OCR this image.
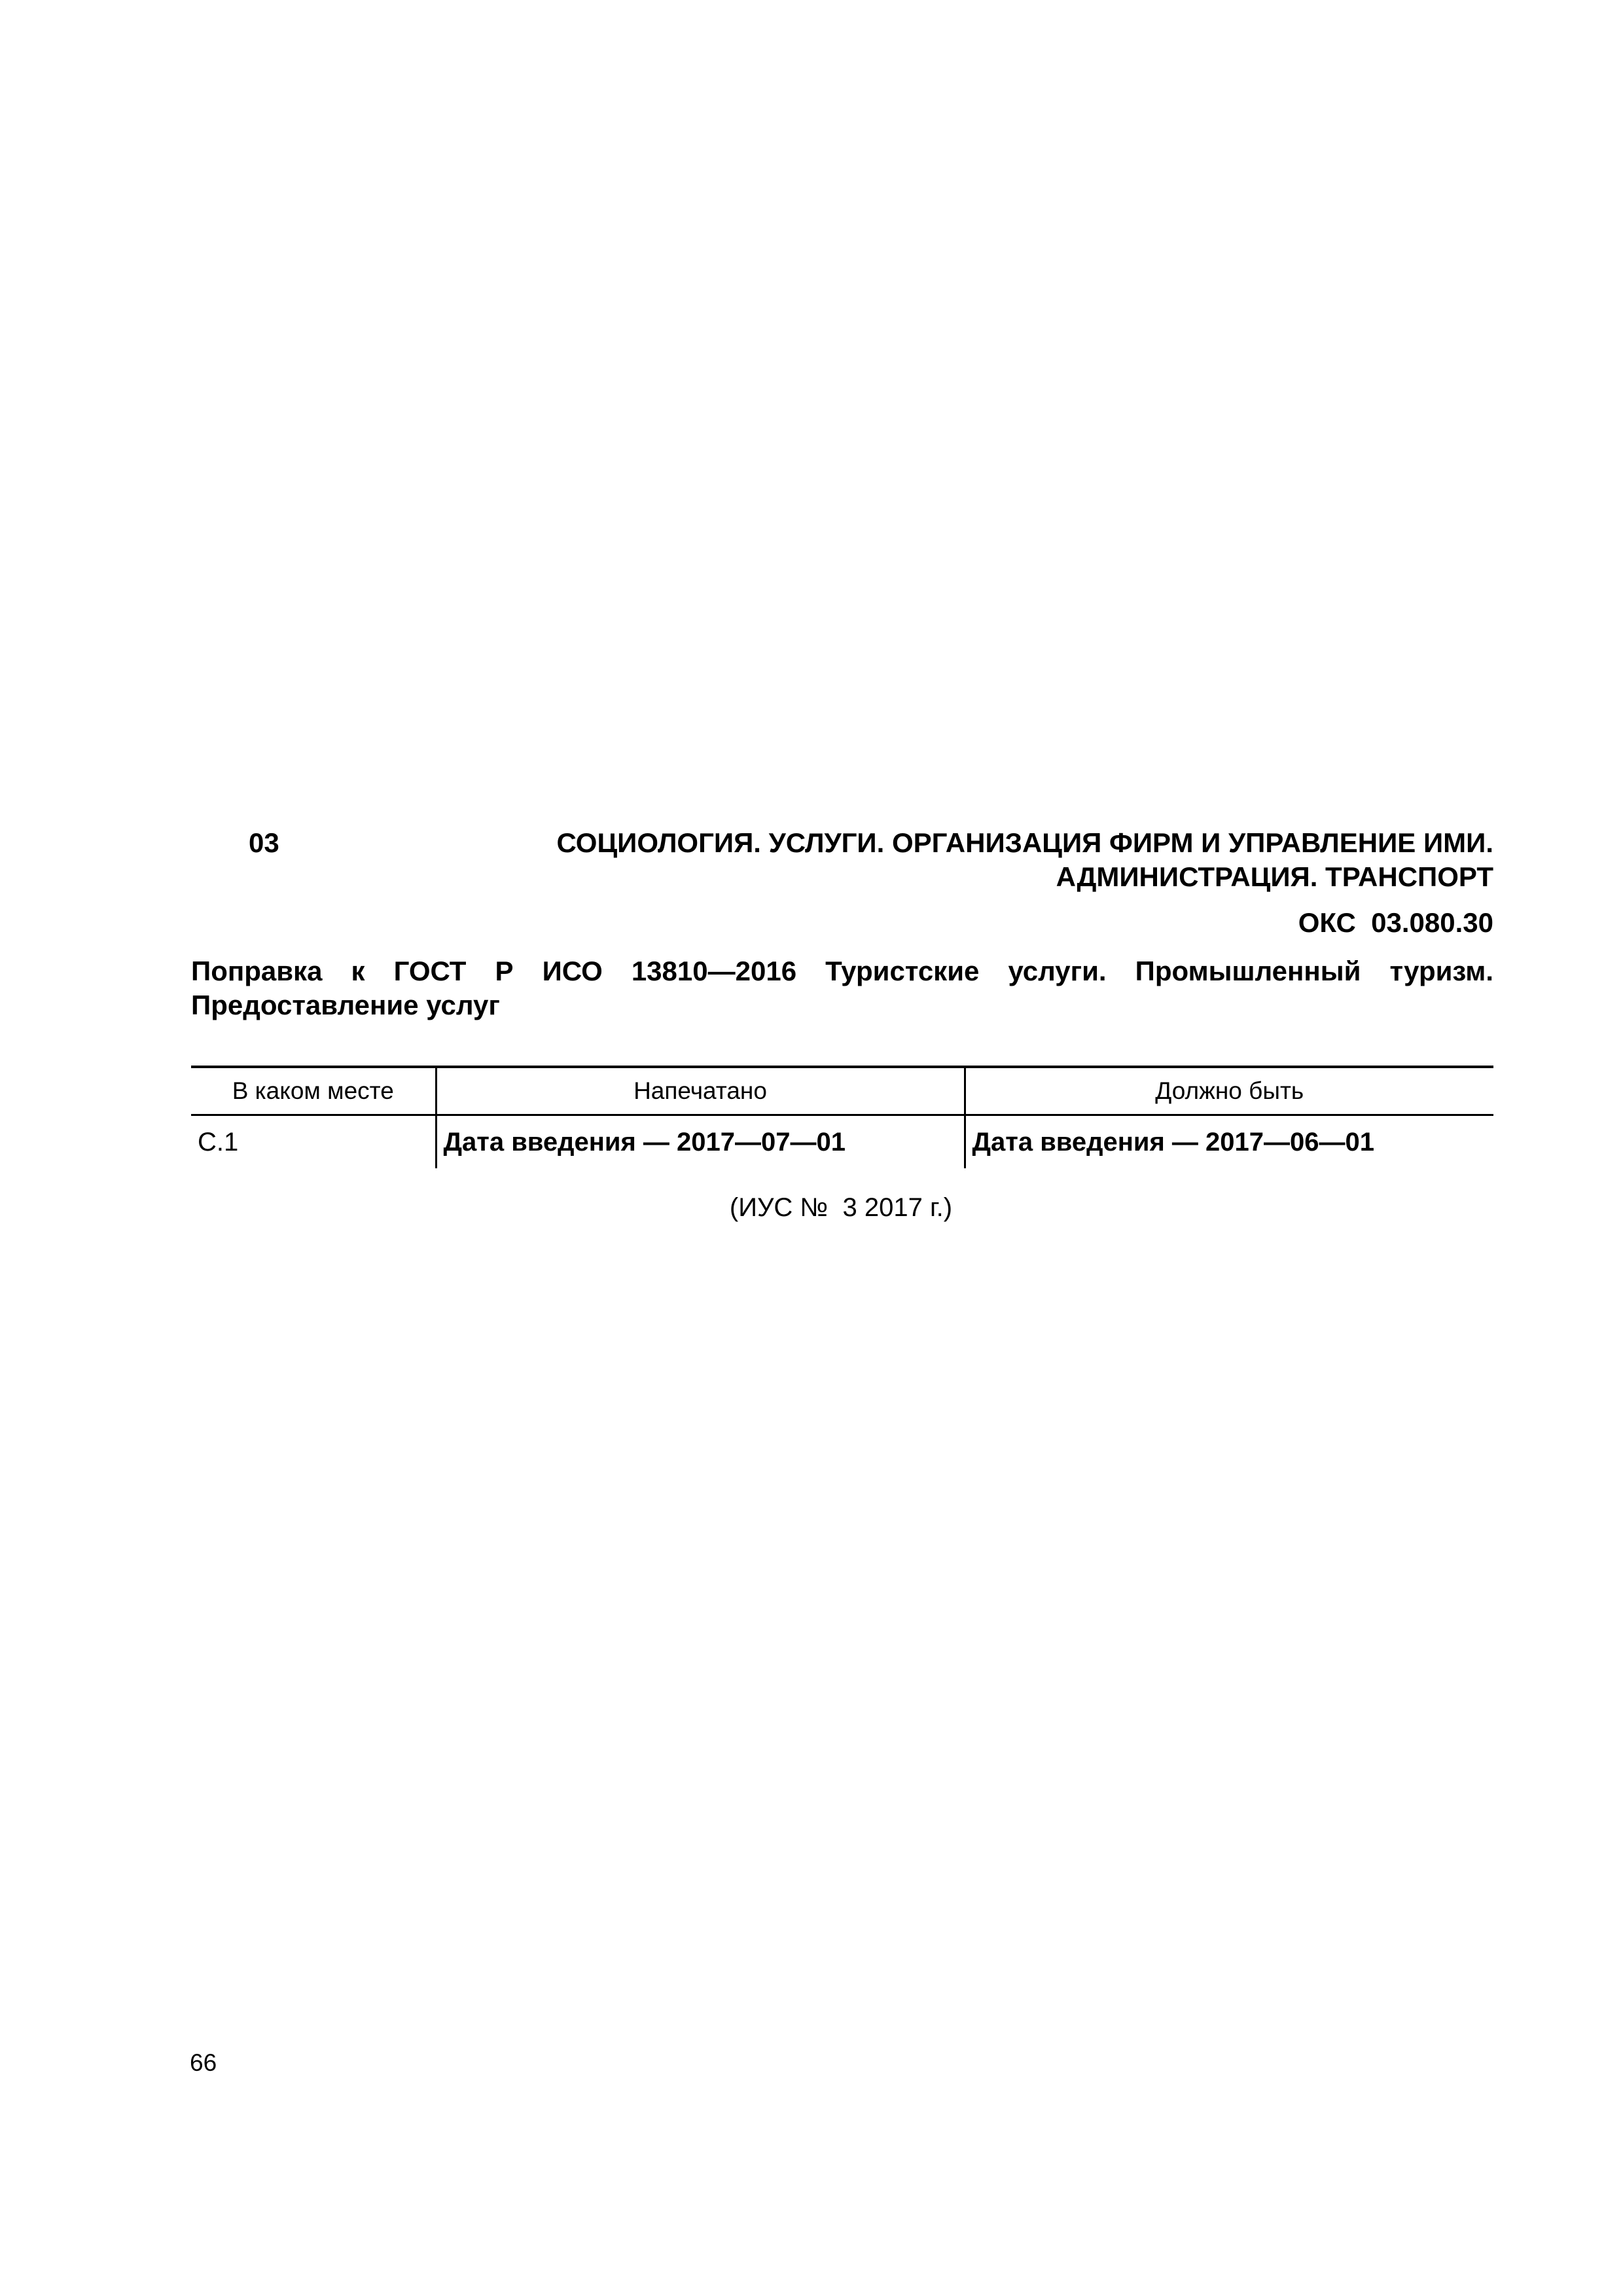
03	СОЦИОЛОГИЯ. УСЛУГИ. ОРГАНИЗАЦИЯ ФИРМ И УПРАВЛЕНИЕ ИМИ. АДМИНИСТРАЦИЯ. ТРАНСПОРТ
ОКС  03.080.30
Поправка к ГОСТ Р ИСО 13810—2016 Туристские услуги. Промышленный туризм. Предоставление услуг
В каком месте	Напечатано	Должно быть
С.1	Дата введения — 2017—07—01	Дата введения — 2017—06—01
(ИУС №  3 2017 г.)
66
